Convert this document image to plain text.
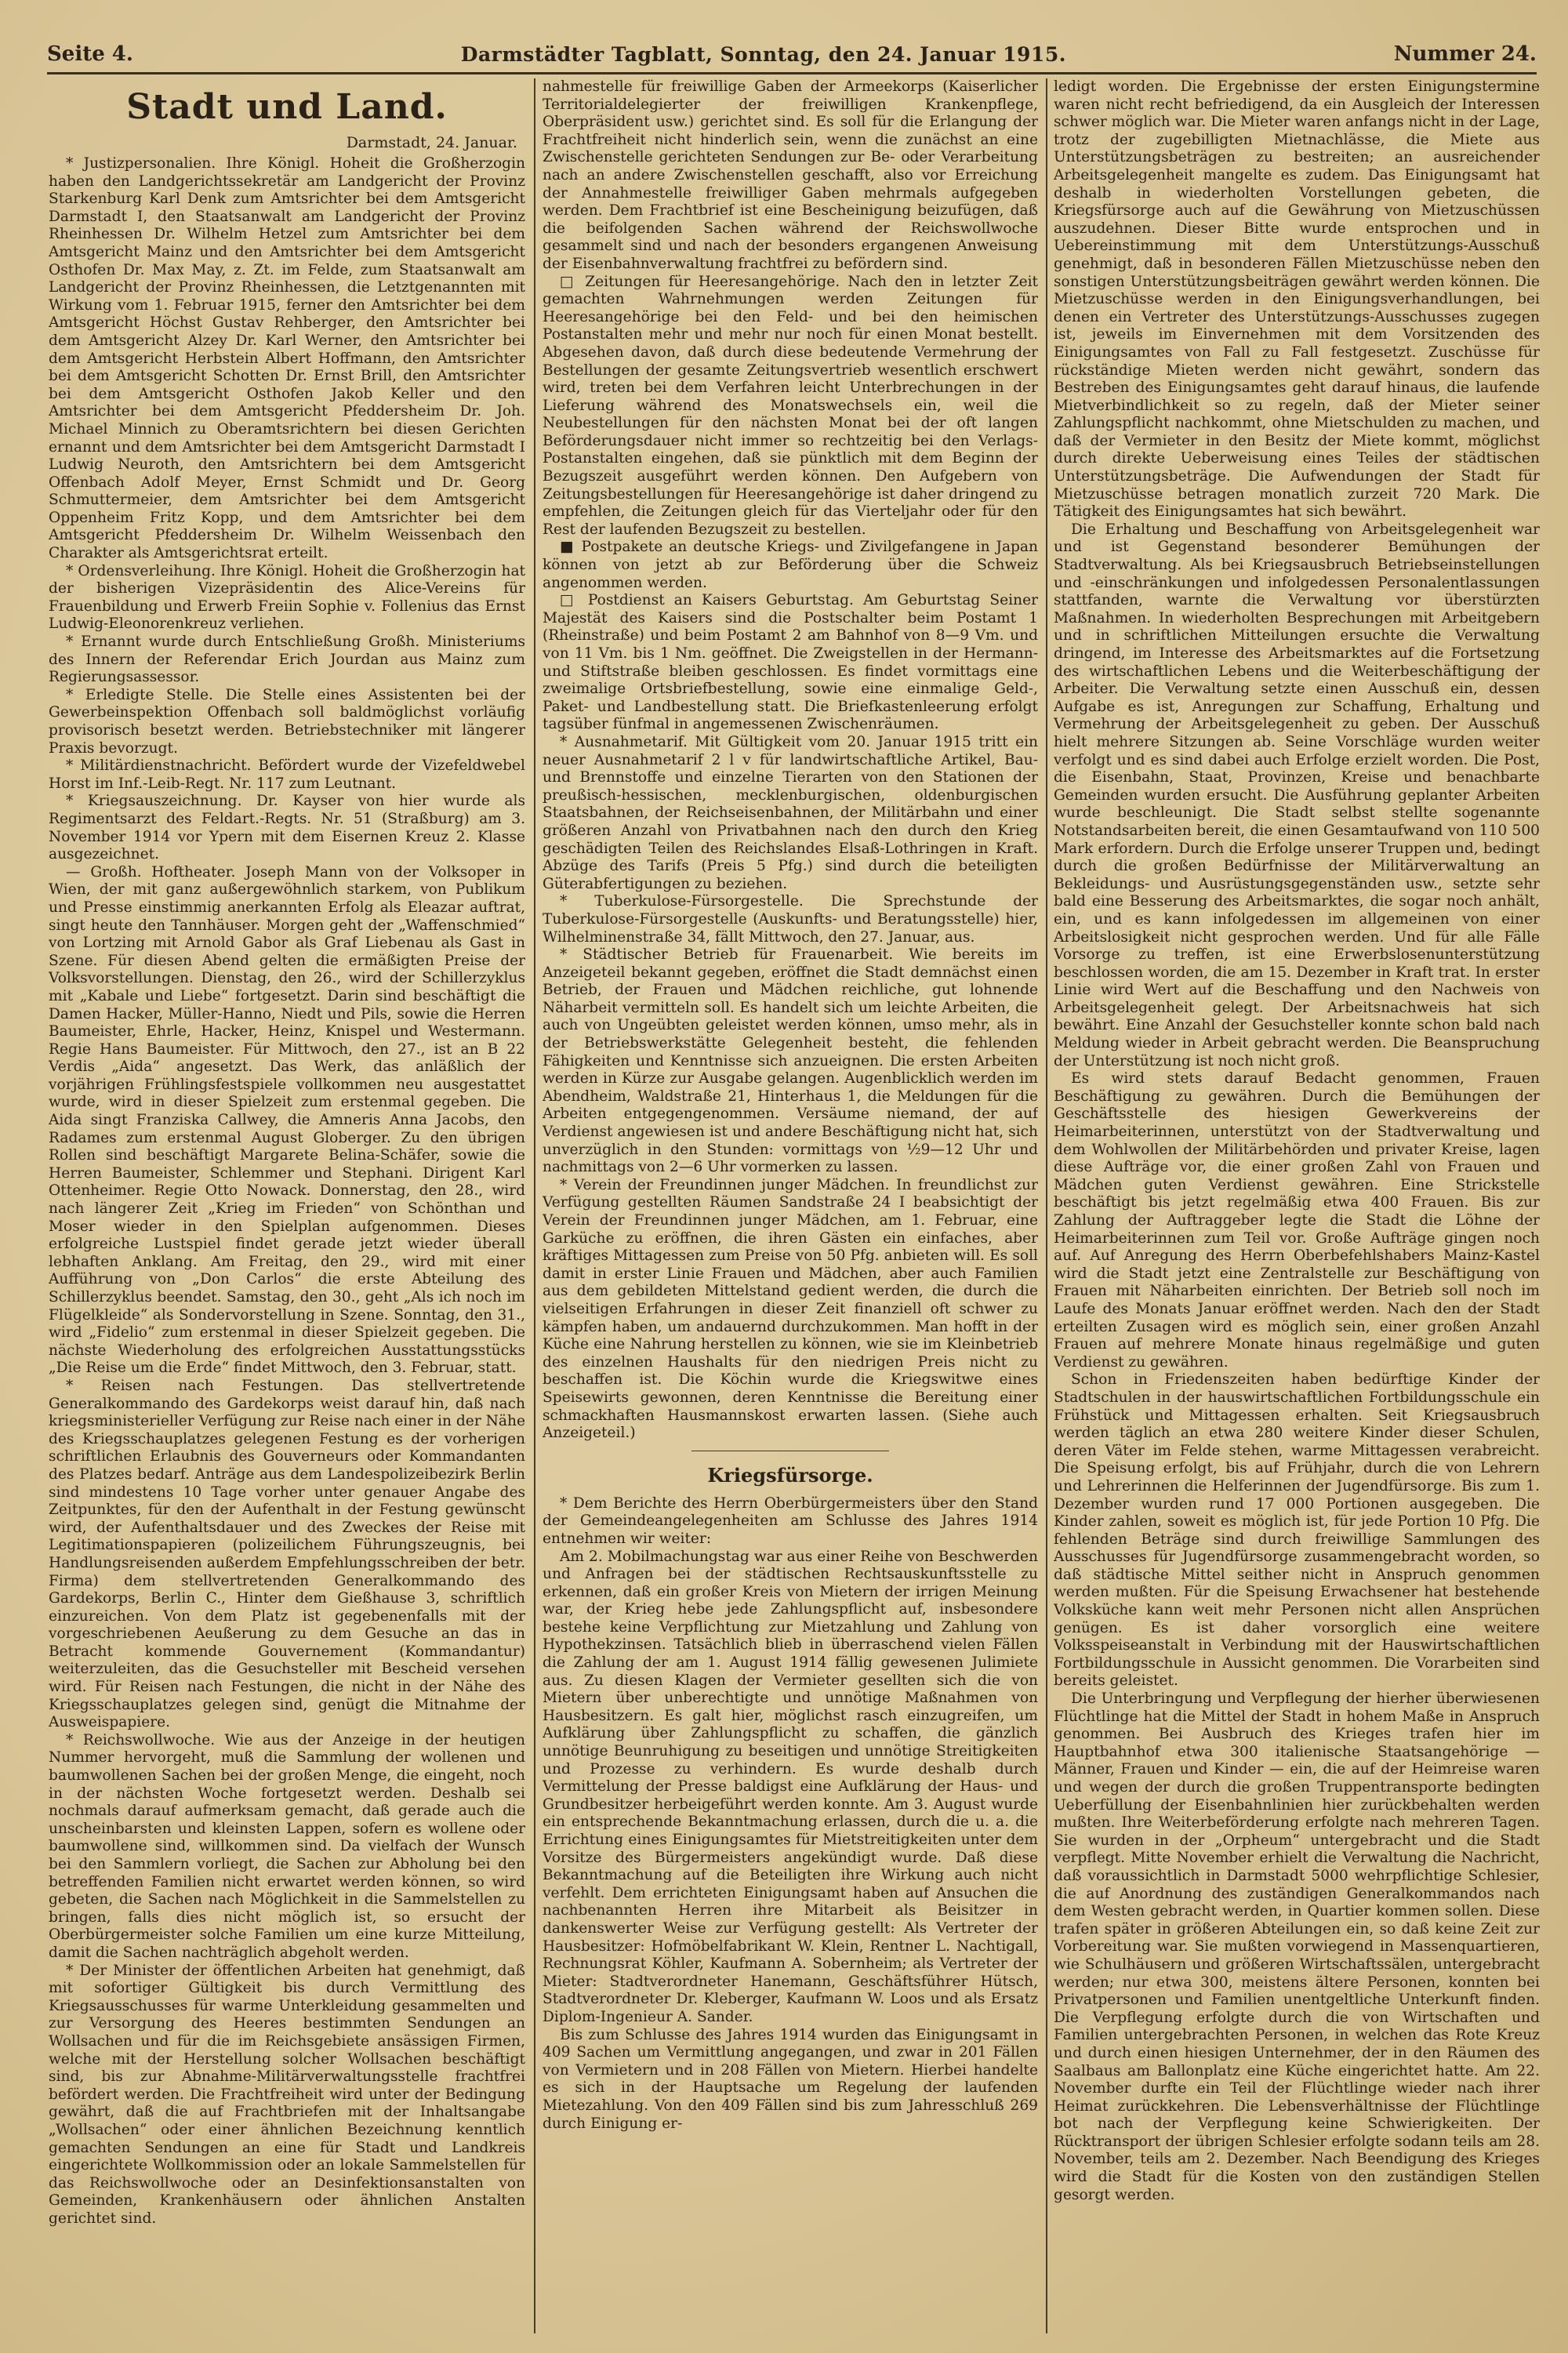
Seite 4.	Darmstädter Tagblatt, Sonntag, den 24. Januar 1915.	Nummer 24.
Stadt und Land.
Darmstadt, 24. Januar.

* Justizpersonalien. Ihre Königl. Hoheit die Großherzogin haben den Landgerichtssekretär am Landgericht der Provinz Starkenburg Karl Denk zum Amtsrichter bei dem Amtsgericht Darmstadt I, den Staatsanwalt am Landgericht der Provinz Rheinhessen Dr. Wilhelm Hetzel zum Amtsrichter bei dem Amtsgericht Mainz und den Amtsrichter bei dem Amtsgericht Osthofen Dr. Max May, z. Zt. im Felde, zum Staatsanwalt am Landgericht der Provinz Rheinhessen, die Letztgenannten mit Wirkung vom 1. Februar 1915, ferner den Amtsrichter bei dem Amtsgericht Höchst Gustav Rehberger, den Amtsrichter bei dem Amtsgericht Alzey Dr. Karl Werner, den Amtsrichter bei dem Amtsgericht Herbstein Albert Hoffmann, den Amtsrichter bei dem Amtsgericht Schotten Dr. Ernst Brill, den Amtsrichter bei dem Amtsgericht Osthofen Jakob Keller und den Amtsrichter bei dem Amtsgericht Pfeddersheim Dr. Joh. Michael Minnich zu Oberamtsrichtern bei diesen Gerichten ernannt und dem Amtsrichter bei dem Amtsgericht Darmstadt I Ludwig Neuroth, den Amtsrichtern bei dem Amtsgericht Offenbach Adolf Meyer, Ernst Schmidt und Dr. Georg Schmuttermeier, dem Amtsrichter bei dem Amtsgericht Oppenheim Fritz Kopp, und dem Amtsrichter bei dem Amtsgericht Pfeddersheim Dr. Wilhelm Weissenbach den Charakter als Amtsgerichtsrat erteilt.

* Ordensverleihung. Ihre Königl. Hoheit die Großherzogin hat der bisherigen Vizepräsidentin des Alice-Vereins für Frauenbildung und Erwerb Freiin Sophie v. Follenius das Ernst Ludwig-Eleonorenkreuz verliehen.

* Ernannt wurde durch Entschließung Großh. Ministeriums des Innern der Referendar Erich Jourdan aus Mainz zum Regierungsassessor.

* Erledigte Stelle. Die Stelle eines Assistenten bei der Gewerbeinspektion Offenbach soll baldmöglichst vorläufig provisorisch besetzt werden. Betriebstechniker mit längerer Praxis bevorzugt.

* Militärdienstnachricht. Befördert wurde der Vizefeldwebel Horst im Inf.-Leib-Regt. Nr. 117 zum Leutnant.

* Kriegsauszeichnung. Dr. Kayser von hier wurde als Regimentsarzt des Feldart.-Regts. Nr. 51 (Straßburg) am 3. November 1914 vor Ypern mit dem Eisernen Kreuz 2. Klasse ausgezeichnet.

— Großh. Hoftheater. Joseph Mann von der Volksoper in Wien, der mit ganz außergewöhnlich starkem, von Publikum und Presse einstimmig anerkannten Erfolg als Eleazar auftrat, singt heute den Tannhäuser. Morgen geht der „Waffenschmied“ von Lortzing mit Arnold Gabor als Graf Liebenau als Gast in Szene. Für diesen Abend gelten die ermäßigten Preise der Volksvorstellungen. Dienstag, den 26., wird der Schillerzyklus mit „Kabale und Liebe“ fortgesetzt. Darin sind beschäftigt die Damen Hacker, Müller-Hanno, Niedt und Pils, sowie die Herren Baumeister, Ehrle, Hacker, Heinz, Knispel und Westermann. Regie Hans Baumeister. Für Mittwoch, den 27., ist an B 22 Verdis „Aida“ angesetzt. Das Werk, das anläßlich der vorjährigen Frühlingsfestspiele vollkommen neu ausgestattet wurde, wird in dieser Spielzeit zum erstenmal gegeben. Die Aida singt Franziska Callwey, die Amneris Anna Jacobs, den Radames zum erstenmal August Globerger. Zu den übrigen Rollen sind beschäftigt Margarete Belina-Schäfer, sowie die Herren Baumeister, Schlemmer und Stephani. Dirigent Karl Ottenheimer. Regie Otto Nowack. Donnerstag, den 28., wird nach längerer Zeit „Krieg im Frieden“ von Schönthan und Moser wieder in den Spielplan aufgenommen. Dieses erfolgreiche Lustspiel findet gerade jetzt wieder überall lebhaften Anklang. Am Freitag, den 29., wird mit einer Aufführung von „Don Carlos“ die erste Abteilung des Schillerzyklus beendet. Samstag, den 30., geht „Als ich noch im Flügelkleide“ als Sondervorstellung in Szene. Sonntag, den 31., wird „Fidelio“ zum erstenmal in dieser Spielzeit gegeben. Die nächste Wiederholung des erfolgreichen Ausstattungsstücks „Die Reise um die Erde“ findet Mittwoch, den 3. Februar, statt.

* Reisen nach Festungen. Das stellvertretende Generalkommando des Gardekorps weist darauf hin, daß nach kriegsministerieller Verfügung zur Reise nach einer in der Nähe des Kriegsschauplatzes gelegenen Festung es der vorherigen schriftlichen Erlaubnis des Gouverneurs oder Kommandanten des Platzes bedarf. Anträge aus dem Landespolizeibezirk Berlin sind mindestens 10 Tage vorher unter genauer Angabe des Zeitpunktes, für den der Aufenthalt in der Festung gewünscht wird, der Aufenthaltsdauer und des Zweckes der Reise mit Legitimationspapieren (polizeilichem Führungszeugnis, bei Handlungsreisenden außerdem Empfehlungsschreiben der betr. Firma) dem stellvertretenden Generalkommando des Gardekorps, Berlin C., Hinter dem Gießhause 3, schriftlich einzureichen. Von dem Platz ist gegebenenfalls mit der vorgeschriebenen Aeußerung zu dem Gesuche an das in Betracht kommende Gouvernement (Kommandantur) weiterzuleiten, das die Gesuchsteller mit Bescheid versehen wird. Für Reisen nach Festungen, die nicht in der Nähe des Kriegsschauplatzes gelegen sind, genügt die Mitnahme der Ausweispapiere.

* Reichswollwoche. Wie aus der Anzeige in der heutigen Nummer hervorgeht, muß die Sammlung der wollenen und baumwollenen Sachen bei der großen Menge, die eingeht, noch in der nächsten Woche fortgesetzt werden. Deshalb sei nochmals darauf aufmerksam gemacht, daß gerade auch die unscheinbarsten und kleinsten Lappen, sofern es wollene oder baumwollene sind, willkommen sind. Da vielfach der Wunsch bei den Sammlern vorliegt, die Sachen zur Abholung bei den betreffenden Familien nicht erwartet werden können, so wird gebeten, die Sachen nach Möglichkeit in die Sammelstellen zu bringen, falls dies nicht möglich ist, so ersucht der Oberbürgermeister solche Familien um eine kurze Mitteilung, damit die Sachen nachträglich abgeholt werden.

* Der Minister der öffentlichen Arbeiten hat genehmigt, daß mit sofortiger Gültigkeit bis durch Vermittlung des Kriegsausschusses für warme Unterkleidung gesammelten und zur Versorgung des Heeres bestimmten Sendungen an Wollsachen und für die im Reichsgebiete ansässigen Firmen, welche mit der Herstellung solcher Wollsachen beschäftigt sind, bis zur Abnahme-Militärverwaltungsstelle frachtfrei befördert werden. Die Frachtfreiheit wird unter der Bedingung gewährt, daß die auf Frachtbriefen mit der Inhaltsangabe „Wollsachen“ oder einer ähnlichen Bezeichnung kenntlich gemachten Sendungen an eine für Stadt und Landkreis eingerichtete Wollkommission oder an lokale Sammelstellen für das Reichswollwoche oder an Desinfektionsanstalten von Gemeinden, Krankenhäusern oder ähnlichen Anstalten gerichtet sind.

nahmestelle für freiwillige Gaben der Armeekorps (Kaiserlicher Territorialdelegierter der freiwilligen Krankenpflege, Oberpräsident usw.) gerichtet sind. Es soll für die Erlangung der Frachtfreiheit nicht hinderlich sein, wenn die zunächst an eine Zwischenstelle gerichteten Sendungen zur Be- oder Verarbeitung nach an andere Zwischenstellen geschafft, also vor Erreichung der Annahmestelle freiwilliger Gaben mehrmals aufgegeben werden. Dem Frachtbrief ist eine Bescheinigung beizufügen, daß die beifolgenden Sachen während der Reichswollwoche gesammelt sind und nach der besonders ergangenen Anweisung der Eisenbahnverwaltung frachtfrei zu befördern sind.

□ Zeitungen für Heeresangehörige. Nach den in letzter Zeit gemachten Wahrnehmungen werden Zeitungen für Heeresangehörige bei den Feld- und bei den heimischen Postanstalten mehr und mehr nur noch für einen Monat bestellt. Abgesehen davon, daß durch diese bedeutende Vermehrung der Bestellungen der gesamte Zeitungsvertrieb wesentlich erschwert wird, treten bei dem Verfahren leicht Unterbrechungen in der Lieferung während des Monatswechsels ein, weil die Neubestellungen für den nächsten Monat bei der oft langen Beförderungsdauer nicht immer so rechtzeitig bei den Verlags-Postanstalten eingehen, daß sie pünktlich mit dem Beginn der Bezugszeit ausgeführt werden können. Den Aufgebern von Zeitungsbestellungen für Heeresangehörige ist daher dringend zu empfehlen, die Zeitungen gleich für das Vierteljahr oder für den Rest der laufenden Bezugszeit zu bestellen.

■ Postpakete an deutsche Kriegs- und Zivilgefangene in Japan können von jetzt ab zur Beförderung über die Schweiz angenommen werden.

□ Postdienst an Kaisers Geburtstag. Am Geburtstag Seiner Majestät des Kaisers sind die Postschalter beim Postamt 1 (Rheinstraße) und beim Postamt 2 am Bahnhof von 8—9 Vm. und von 11 Vm. bis 1 Nm. geöffnet. Die Zweigstellen in der Hermann- und Stiftstraße bleiben geschlossen. Es findet vormittags eine zweimalige Ortsbriefbestellung, sowie eine einmalige Geld-, Paket- und Landbestellung statt. Die Briefkastenleerung erfolgt tagsüber fünfmal in angemessenen Zwischenräumen.

* Ausnahmetarif. Mit Gültigkeit vom 20. Januar 1915 tritt ein neuer Ausnahmetarif 2 l v für landwirtschaftliche Artikel, Bau- und Brennstoffe und einzelne Tierarten von den Stationen der preußisch-hessischen, mecklenburgischen, oldenburgischen Staatsbahnen, der Reichseisenbahnen, der Militärbahn und einer größeren Anzahl von Privatbahnen nach den durch den Krieg geschädigten Teilen des Reichslandes Elsaß-Lothringen in Kraft. Abzüge des Tarifs (Preis 5 Pfg.) sind durch die beteiligten Güterabfertigungen zu beziehen.

* Tuberkulose-Fürsorgestelle. Die Sprechstunde der Tuberkulose-Fürsorgestelle (Auskunfts- und Beratungsstelle) hier, Wilhelminenstraße 34, fällt Mittwoch, den 27. Januar, aus.

* Städtischer Betrieb für Frauenarbeit. Wie bereits im Anzeigeteil bekannt gegeben, eröffnet die Stadt demnächst einen Betrieb, der Frauen und Mädchen reichliche, gut lohnende Näharbeit vermitteln soll. Es handelt sich um leichte Arbeiten, die auch von Ungeübten geleistet werden können, umso mehr, als in der Betriebswerkstätte Gelegenheit besteht, die fehlenden Fähigkeiten und Kenntnisse sich anzueignen. Die ersten Arbeiten werden in Kürze zur Ausgabe gelangen. Augenblicklich werden im Abendheim, Waldstraße 21, Hinterhaus 1, die Meldungen für die Arbeiten entgegengenommen. Versäume niemand, der auf Verdienst angewiesen ist und andere Beschäftigung nicht hat, sich unverzüglich in den Stunden: vormittags von ½9—12 Uhr und nachmittags von 2—6 Uhr vormerken zu lassen.

* Verein der Freundinnen junger Mädchen. In freundlichst zur Verfügung gestellten Räumen Sandstraße 24 I beabsichtigt der Verein der Freundinnen junger Mädchen, am 1. Februar, eine Garküche zu eröffnen, die ihren Gästen ein einfaches, aber kräftiges Mittagessen zum Preise von 50 Pfg. anbieten will. Es soll damit in erster Linie Frauen und Mädchen, aber auch Familien aus dem gebildeten Mittelstand gedient werden, die durch die vielseitigen Erfahrungen in dieser Zeit finanziell oft schwer zu kämpfen haben, um andauernd durchzukommen. Man hofft in der Küche eine Nahrung herstellen zu können, wie sie im Kleinbetrieb des einzelnen Haushalts für den niedrigen Preis nicht zu beschaffen ist. Die Köchin wurde die Kriegswitwe eines Speisewirts gewonnen, deren Kenntnisse die Bereitung einer schmackhaften Hausmannskost erwarten lassen. (Siehe auch Anzeigeteil.)

Kriegsfürsorge.

* Dem Berichte des Herrn Oberbürgermeisters über den Stand der Gemeindeangelegenheiten am Schlusse des Jahres 1914 entnehmen wir weiter:

Am 2. Mobilmachungstag war aus einer Reihe von Beschwerden und Anfragen bei der städtischen Rechtsauskunftsstelle zu erkennen, daß ein großer Kreis von Mietern der irrigen Meinung war, der Krieg hebe jede Zahlungspflicht auf, insbesondere bestehe keine Verpflichtung zur Mietzahlung und Zahlung von Hypothekzinsen. Tatsächlich blieb in überraschend vielen Fällen die Zahlung der am 1. August 1914 fällig gewesenen Julimiete aus. Zu diesen Klagen der Vermieter gesellten sich die von Mietern über unberechtigte und unnötige Maßnahmen von Hausbesitzern. Es galt hier, möglichst rasch einzugreifen, um Aufklärung über Zahlungspflicht zu schaffen, die gänzlich unnötige Beunruhigung zu beseitigen und unnötige Streitigkeiten und Prozesse zu verhindern. Es wurde deshalb durch Vermittelung der Presse baldigst eine Aufklärung der Haus- und Grundbesitzer herbeigeführt werden konnte. Am 3. August wurde ein entsprechende Bekanntmachung erlassen, durch die u. a. die Errichtung eines Einigungsamtes für Mietstreitigkeiten unter dem Vorsitze des Bürgermeisters angekündigt wurde. Daß diese Bekanntmachung auf die Beteiligten ihre Wirkung auch nicht verfehlt. Dem errichteten Einigungsamt haben auf Ansuchen die nachbenannten Herren ihre Mitarbeit als Beisitzer in dankenswerter Weise zur Verfügung gestellt: Als Vertreter der Hausbesitzer: Hofmöbelfabrikant W. Klein, Rentner L. Nachtigall, Rechnungsrat Köhler, Kaufmann A. Sobernheim; als Vertreter der Mieter: Stadtverordneter Hanemann, Geschäftsführer Hütsch, Stadtverordneter Dr. Kleberger, Kaufmann W. Loos und als Ersatz Diplom-Ingenieur A. Sander.

Bis zum Schlusse des Jahres 1914 wurden das Einigungsamt in 409 Sachen um Vermittlung angegangen, und zwar in 201 Fällen von Vermietern und in 208 Fällen von Mietern. Hierbei handelte es sich in der Hauptsache um Regelung der laufenden Mietezahlung. Von den 409 Fällen sind bis zum Jahresschluß 269 durch Einigung er-

ledigt worden. Die Ergebnisse der ersten Einigungstermine waren nicht recht befriedigend, da ein Ausgleich der Interessen schwer möglich war. Die Mieter waren anfangs nicht in der Lage, trotz der zugebilligten Mietnachlässe, die Miete aus Unterstützungsbeträgen zu bestreiten; an ausreichender Arbeitsgelegenheit mangelte es zudem. Das Einigungsamt hat deshalb in wiederholten Vorstellungen gebeten, die Kriegsfürsorge auch auf die Gewährung von Mietzuschüssen auszudehnen. Dieser Bitte wurde entsprochen und in Uebereinstimmung mit dem Unterstützungs-Ausschuß genehmigt, daß in besonderen Fällen Mietzuschüsse neben den sonstigen Unterstützungsbeiträgen gewährt werden können. Die Mietzuschüsse werden in den Einigungsverhandlungen, bei denen ein Vertreter des Unterstützungs-Ausschusses zugegen ist, jeweils im Einvernehmen mit dem Vorsitzenden des Einigungsamtes von Fall zu Fall festgesetzt. Zuschüsse für rückständige Mieten werden nicht gewährt, sondern das Bestreben des Einigungsamtes geht darauf hinaus, die laufende Mietverbindlichkeit so zu regeln, daß der Mieter seiner Zahlungspflicht nachkommt, ohne Mietschulden zu machen, und daß der Vermieter in den Besitz der Miete kommt, möglichst durch direkte Ueberweisung eines Teiles der städtischen Unterstützungsbeträge. Die Aufwendungen der Stadt für Mietzuschüsse betragen monatlich zurzeit 720 Mark. Die Tätigkeit des Einigungsamtes hat sich bewährt.

Die Erhaltung und Beschaffung von Arbeitsgelegenheit war und ist Gegenstand besonderer Bemühungen der Stadtverwaltung. Als bei Kriegsausbruch Betriebseinstellungen und -einschränkungen und infolgedessen Personalentlassungen stattfanden, warnte die Verwaltung vor überstürzten Maßnahmen. In wiederholten Besprechungen mit Arbeitgebern und in schriftlichen Mitteilungen ersuchte die Verwaltung dringend, im Interesse des Arbeitsmarktes auf die Fortsetzung des wirtschaftlichen Lebens und die Weiterbeschäftigung der Arbeiter. Die Verwaltung setzte einen Ausschuß ein, dessen Aufgabe es ist, Anregungen zur Schaffung, Erhaltung und Vermehrung der Arbeitsgelegenheit zu geben. Der Ausschuß hielt mehrere Sitzungen ab. Seine Vorschläge wurden weiter verfolgt und es sind dabei auch Erfolge erzielt worden. Die Post, die Eisenbahn, Staat, Provinzen, Kreise und benachbarte Gemeinden wurden ersucht. Die Ausführung geplanter Arbeiten wurde beschleunigt. Die Stadt selbst stellte sogenannte Notstandsarbeiten bereit, die einen Gesamtaufwand von 110 500 Mark erfordern. Durch die Erfolge unserer Truppen und, bedingt durch die großen Bedürfnisse der Militärverwaltung an Bekleidungs- und Ausrüstungsgegenständen usw., setzte sehr bald eine Besserung des Arbeitsmarktes, die sogar noch anhält, ein, und es kann infolgedessen im allgemeinen von einer Arbeitslosigkeit nicht gesprochen werden. Und für alle Fälle Vorsorge zu treffen, ist eine Erwerbslosenunterstützung beschlossen worden, die am 15. Dezember in Kraft trat. In erster Linie wird Wert auf die Beschaffung und den Nachweis von Arbeitsgelegenheit gelegt. Der Arbeitsnachweis hat sich bewährt. Eine Anzahl der Gesuchsteller konnte schon bald nach Meldung wieder in Arbeit gebracht werden. Die Beanspruchung der Unterstützung ist noch nicht groß.

Es wird stets darauf Bedacht genommen, Frauen Beschäftigung zu gewähren. Durch die Bemühungen der Geschäftsstelle des hiesigen Gewerkvereins der Heimarbeiterinnen, unterstützt von der Stadtverwaltung und dem Wohlwollen der Militärbehörden und privater Kreise, lagen diese Aufträge vor, die einer großen Zahl von Frauen und Mädchen guten Verdienst gewähren. Eine Strickstelle beschäftigt bis jetzt regelmäßig etwa 400 Frauen. Bis zur Zahlung der Auftraggeber legte die Stadt die Löhne der Heimarbeiterinnen zum Teil vor. Große Aufträge gingen noch auf. Auf Anregung des Herrn Oberbefehlshabers Mainz-Kastel wird die Stadt jetzt eine Zentralstelle zur Beschäftigung von Frauen mit Näharbeiten einrichten. Der Betrieb soll noch im Laufe des Monats Januar eröffnet werden. Nach den der Stadt erteilten Zusagen wird es möglich sein, einer großen Anzahl Frauen auf mehrere Monate hinaus regelmäßige und guten Verdienst zu gewähren.

Schon in Friedenszeiten haben bedürftige Kinder der Stadtschulen in der hauswirtschaftlichen Fortbildungsschule ein Frühstück und Mittagessen erhalten. Seit Kriegsausbruch werden täglich an etwa 280 weitere Kinder dieser Schulen, deren Väter im Felde stehen, warme Mittagessen verabreicht. Die Speisung erfolgt, bis auf Frühjahr, durch die von Lehrern und Lehrerinnen die Helferinnen der Jugendfürsorge. Bis zum 1. Dezember wurden rund 17 000 Portionen ausgegeben. Die Kinder zahlen, soweit es möglich ist, für jede Portion 10 Pfg. Die fehlenden Beträge sind durch freiwillige Sammlungen des Ausschusses für Jugendfürsorge zusammengebracht worden, so daß städtische Mittel seither nicht in Anspruch genommen werden mußten. Für die Speisung Erwachsener hat bestehende Volksküche kann weit mehr Personen nicht allen Ansprüchen genügen. Es ist daher vorsorglich eine weitere Volksspeiseanstalt in Verbindung mit der Hauswirtschaftlichen Fortbildungsschule in Aussicht genommen. Die Vorarbeiten sind bereits geleistet.

Die Unterbringung und Verpflegung der hierher überwiesenen Flüchtlinge hat die Mittel der Stadt in hohem Maße in Anspruch genommen. Bei Ausbruch des Krieges trafen hier im Hauptbahnhof etwa 300 italienische Staatsangehörige — Männer, Frauen und Kinder — ein, die auf der Heimreise waren und wegen der durch die großen Truppentransporte bedingten Ueberfüllung der Eisenbahnlinien hier zurückbehalten werden mußten. Ihre Weiterbeförderung erfolgte nach mehreren Tagen. Sie wurden in der „Orpheum“ untergebracht und die Stadt verpflegt. Mitte November erhielt die Verwaltung die Nachricht, daß voraussichtlich in Darmstadt 5000 wehrpflichtige Schlesier, die auf Anordnung des zuständigen Generalkommandos nach dem Westen gebracht werden, in Quartier kommen sollen. Diese trafen später in größeren Abteilungen ein, so daß keine Zeit zur Vorbereitung war. Sie mußten vorwiegend in Massenquartieren, wie Schulhäusern und größeren Wirtschaftssälen, untergebracht werden; nur etwa 300, meistens ältere Personen, konnten bei Privatpersonen und Familien unentgeltliche Unterkunft finden. Die Verpflegung erfolgte durch die von Wirtschaften und Familien untergebrachten Personen, in welchen das Rote Kreuz und durch einen hiesigen Unternehmer, der in den Räumen des Saalbaus am Ballonplatz eine Küche eingerichtet hatte. Am 22. November durfte ein Teil der Flüchtlinge wieder nach ihrer Heimat zurückkehren. Die Lebensverhältnisse der Flüchtlinge bot nach der Verpflegung keine Schwierigkeiten. Der Rücktransport der übrigen Schlesier erfolgte sodann teils am 28. November, teils am 2. Dezember. Nach Beendigung des Krieges wird die Stadt für die Kosten von den zuständigen Stellen gesorgt werden.
